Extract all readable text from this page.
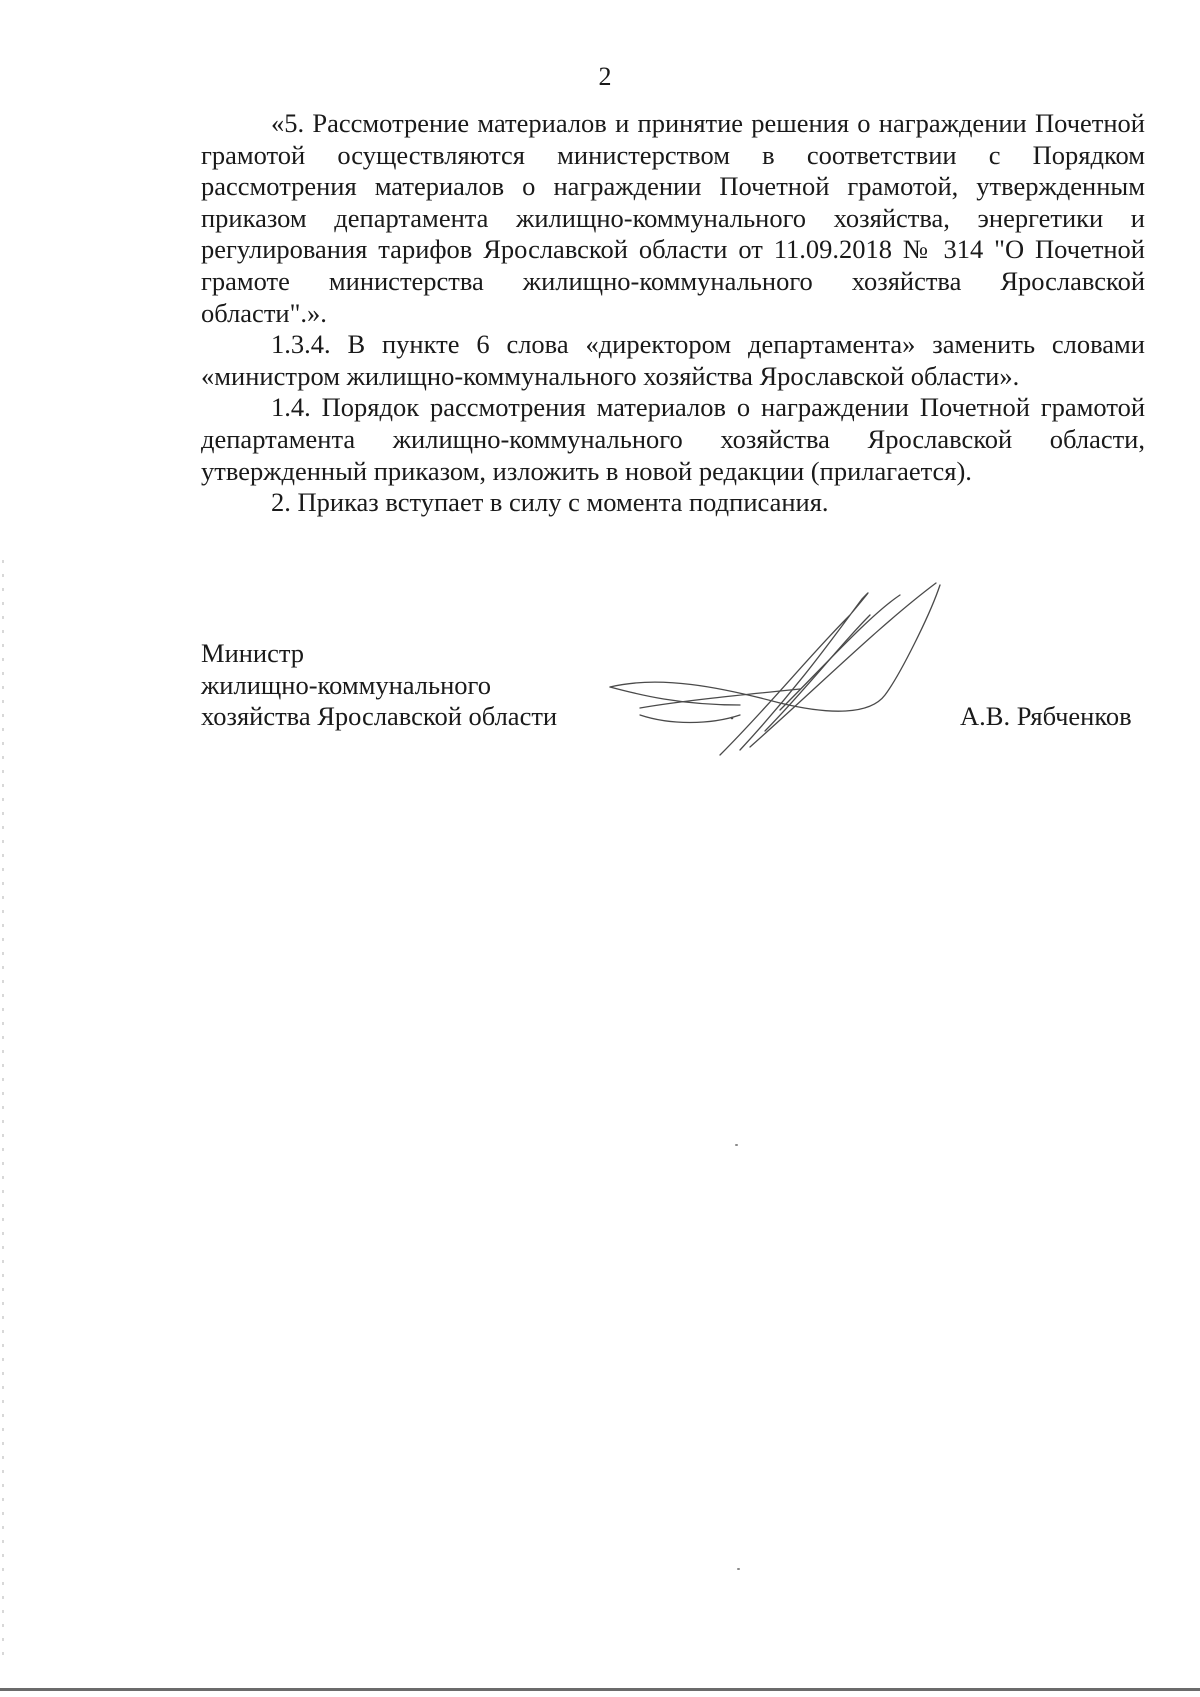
2

«5. Рассмотрение материалов и принятие решения о награждении Почетной грамотой осуществляются министерством в соответствии с Порядком рассмотрения материалов о награждении Почетной грамотой, утвержденным приказом департамента жилищно-коммунального хозяйства, энергетики и регулирования тарифов Ярославской области от 11.09.2018 № 314 "О Почетной грамоте министерства жилищно-коммунального хозяйства Ярославской области".».

1.3.4. В пункте 6 слова «директором департамента» заменить словами «министром жилищно-коммунального хозяйства Ярославской области».

1.4. Порядок рассмотрения материалов о награждении Почетной грамотой департамента жилищно-коммунального хозяйства Ярославской области, утвержденный приказом, изложить в новой редакции (прилагается).

2. Приказ вступает в силу с момента подписания.

Министр
жилищно-коммунального
хозяйства Ярославской области	А.В. Рябченков
